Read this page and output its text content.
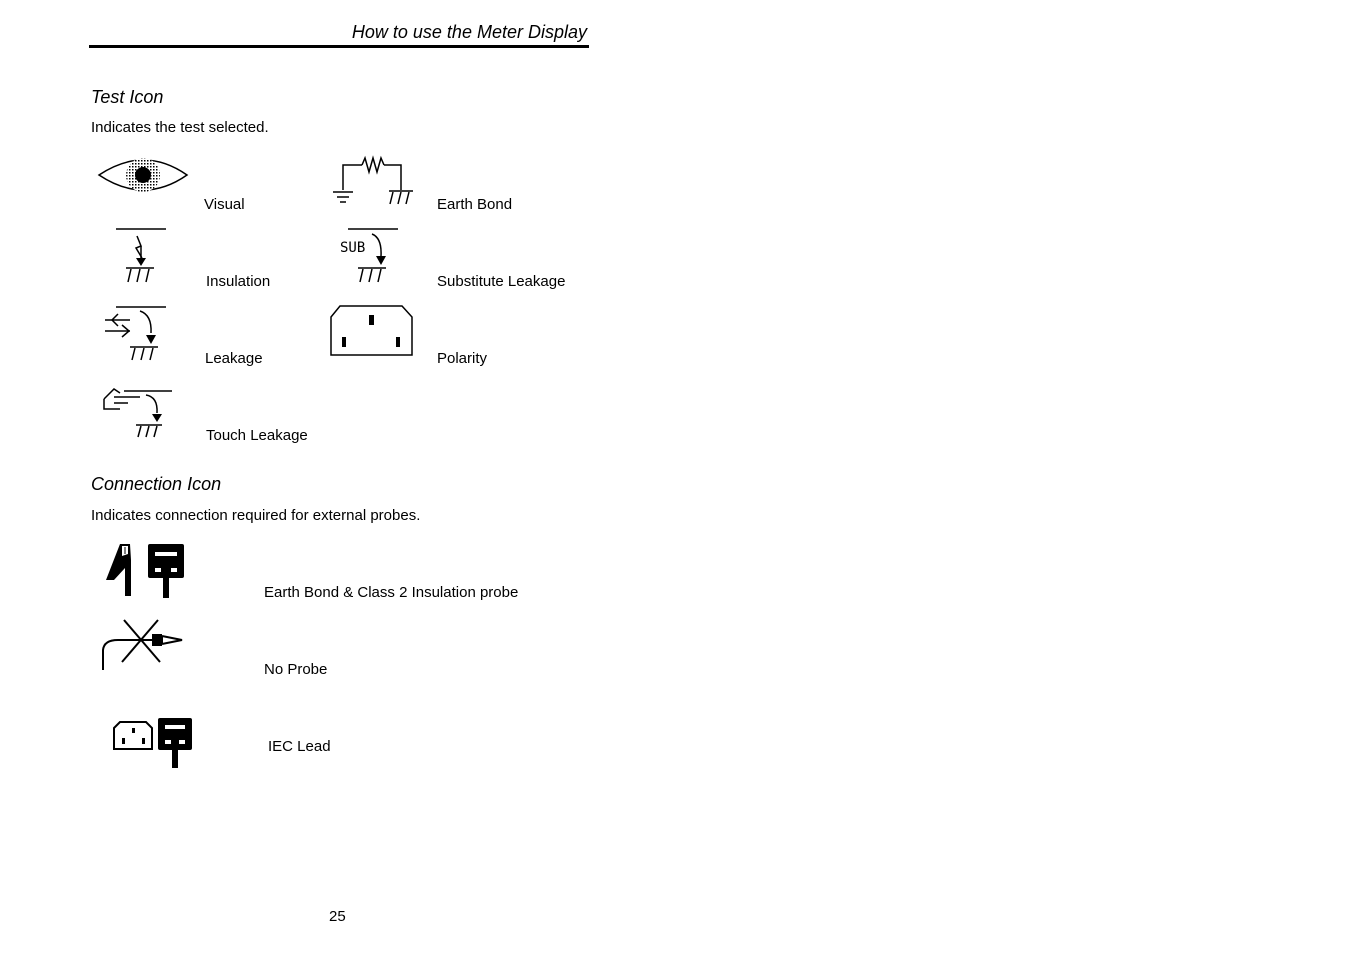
How to use the Meter Display
Test Icon
Indicates the test selected.
Visual	Earth Bond
Insulation
SUB
Substitute Leakage
Leakage	Polarity
Touch Leakage
Connection Icon
Indicates connection required for external probes.
Earth Bond & Class 2 Insulation probe
No Probe
IEC Lead
25
